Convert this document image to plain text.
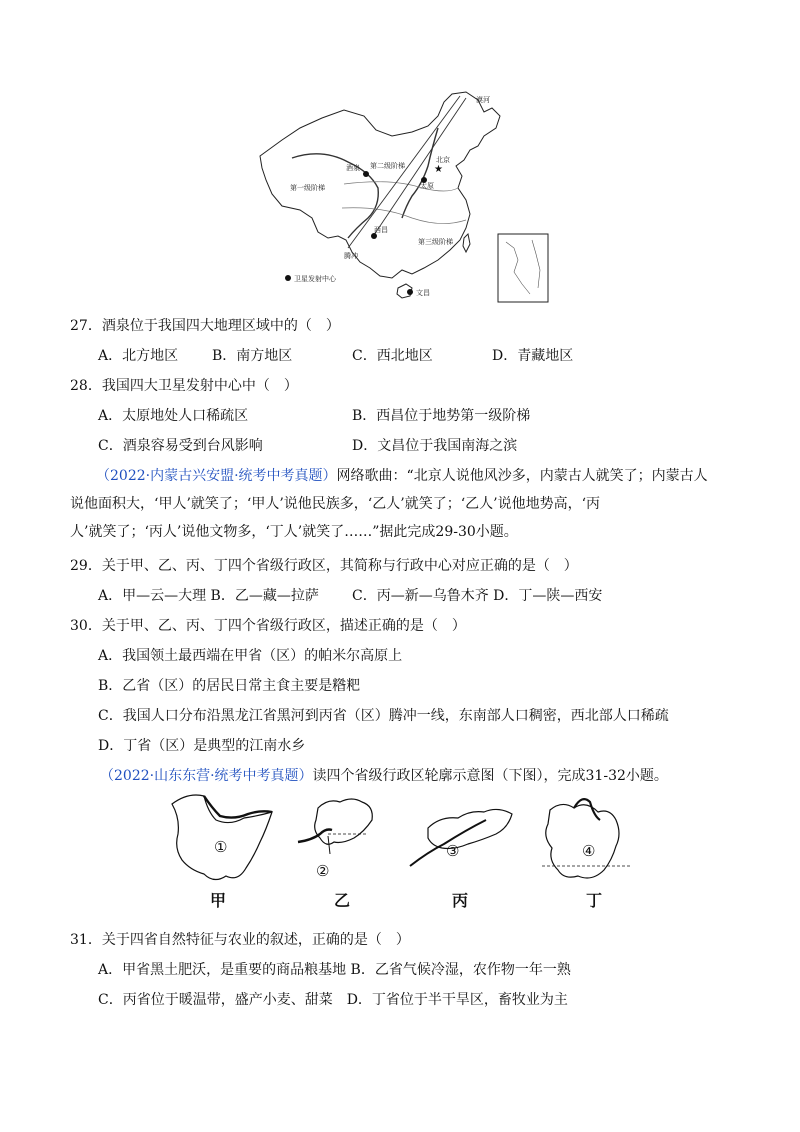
★
漠河
酒泉 第二级阶梯
第一级阶梯
北京
太原
西昌
第三级阶梯
腾冲
卫星发射中心
文昌
27．酒泉位于我国四大地理区域中的（　）
A．北方地区 B．南方地区	C．西北地区	D．青藏地区
28．我国四大卫星发射中心中（　）
A．太原地处人口稀疏区	B．西昌位于地势第一级阶梯
C．酒泉容易受到台风影响	D．文昌位于我国南海之滨
（2022·内蒙古兴安盟·统考中考真题）网络歌曲：“北京人说他风沙多，内蒙古人就笑了；内蒙古人
说他面积大，‘甲人’就笑了；‘甲人’说他民族多，‘乙人’就笑了；‘乙人’说他地势高，‘丙
人’就笑了；‘丙人’说他文物多，‘丁人’就笑了……”据此完成29-30小题。
29．关于甲、乙、丙、丁四个省级行政区，其简称与行政中心对应正确的是（　）
A．甲—云—大理 B．乙—藏—拉萨 C．丙—新—乌鲁木齐 D．丁—陕—西安
30．关于甲、乙、丙、丁四个省级行政区，描述正确的是（　）
A．我国领土最西端在甲省（区）的帕米尔高原上
B．乙省（区）的居民日常主食主要是糌粑
C．我国人口分布沿黑龙江省黑河到丙省（区）腾冲一线，东南部人口稠密，西北部人口稀疏
D．丁省（区）是典型的江南水乡
（2022·山东东营·统考中考真题）读四个省级行政区轮廓示意图（下图），完成31-32小题。
①
②
③	④
甲	乙	丙	丁
31．关于四省自然特征与农业的叙述，正确的是（　）
A．甲省黑土肥沃，是重要的商品粮基地 B．乙省气候冷湿，农作物一年一熟
C．丙省位于暖温带，盛产小麦、甜菜　D．丁省位于半干旱区，畜牧业为主
